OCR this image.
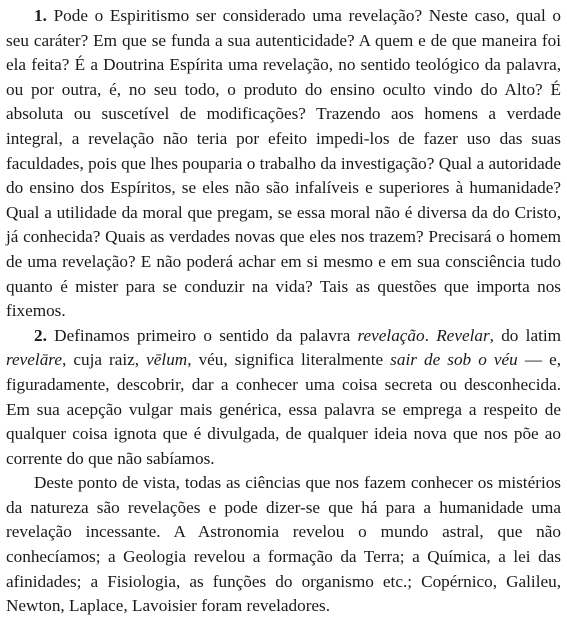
1. Pode o Espiritismo ser considerado uma revelação? Neste caso, qual o seu caráter? Em que se funda a sua autenticidade? A quem e de que maneira foi ela feita? É a Doutrina Espírita uma revelação, no sentido teológico da palavra, ou por outra, é, no seu todo, o produto do ensino oculto vindo do Alto? É absoluta ou suscetível de modificações? Trazendo aos homens a verdade integral, a revelação não teria por efeito impedi-los de fazer uso das suas faculdades, pois que lhes pouparia o trabalho da investigação? Qual a autoridade do ensino dos Espíritos, se eles não são infalíveis e superiores à humanidade? Qual a utilidade da moral que pregam, se essa moral não é diversa da do Cristo, já conhecida? Quais as verdades novas que eles nos trazem? Precisará o homem de uma revelação? E não poderá achar em si mesmo e em sua consciência tudo quanto é mister para se conduzir na vida? Tais as questões que importa nos fixemos.

2. Definamos primeiro o sentido da palavra revelação. Revelar, do latim revelāre, cuja raiz, vēlum, véu, significa literalmente sair de sob o véu — e, figuradamente, descobrir, dar a conhecer uma coisa secreta ou desconhecida. Em sua acepção vulgar mais genérica, essa palavra se emprega a respeito de qualquer coisa ignota que é divulgada, de qualquer ideia nova que nos põe ao corrente do que não sabíamos.

Deste ponto de vista, todas as ciências que nos fazem conhecer os mistérios da natureza são revelações e pode dizer-se que há para a humanidade uma revelação incessante. A Astronomia revelou o mundo astral, que não conhecíamos; a Geologia revelou a formação da Terra; a Química, a lei das afinidades; a Fisiologia, as funções do organismo etc.; Copérnico, Galileu, Newton, Laplace, Lavoisier foram reveladores.
